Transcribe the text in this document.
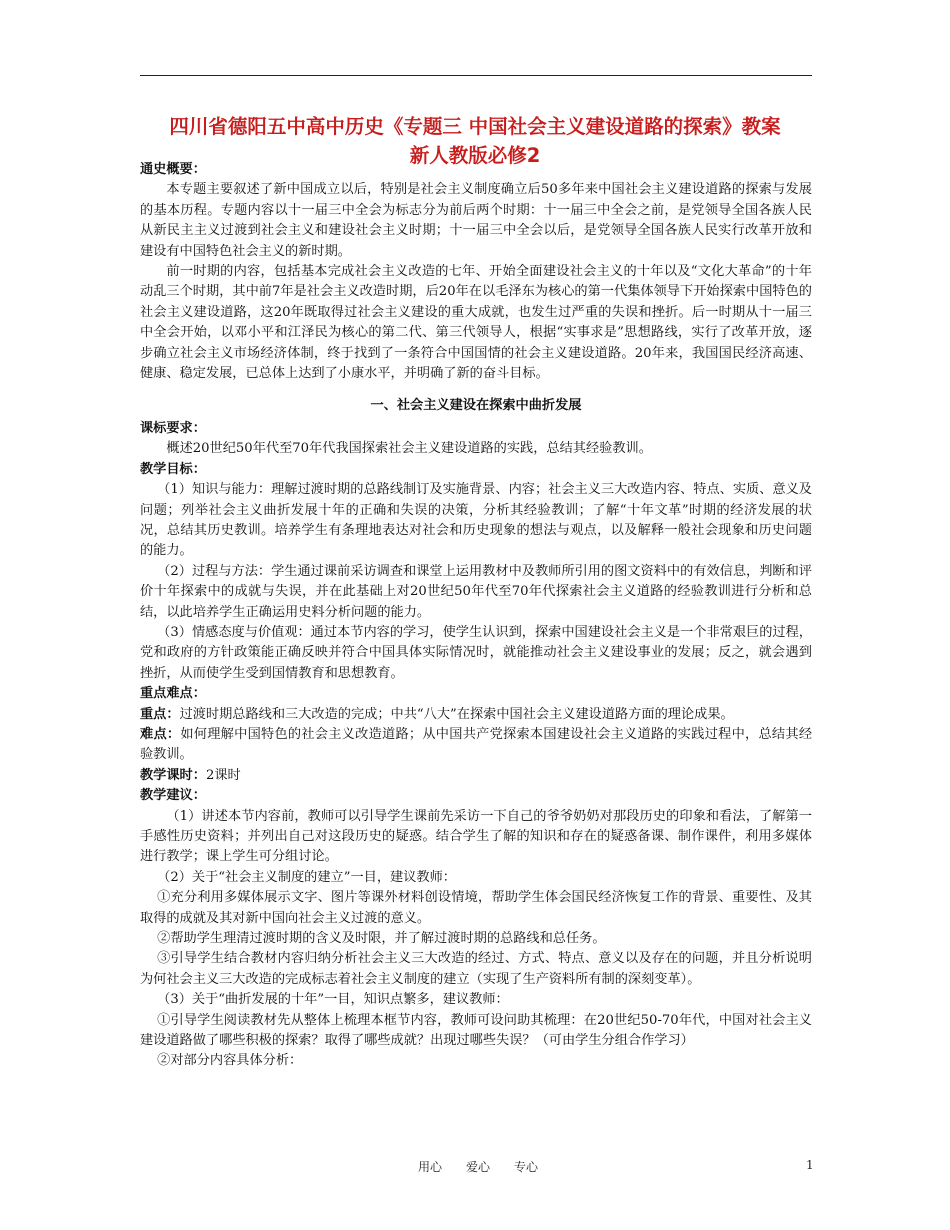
四川省德阳五中高中历史《专题三 中国社会主义建设道路的探索》教案
新人教版必修2

通史概要：

本专题主要叙述了新中国成立以后，特别是社会主义制度确立后50多年来中国社会主义建设道路的探索与发展的基本历程。专题内容以十一届三中全会为标志分为前后两个时期：十一届三中全会之前，是党领导全国各族人民从新民主主义过渡到社会主义和建设社会主义时期；十一届三中全会以后，是党领导全国各族人民实行改革开放和建设有中国特色社会主义的新时期。

前一时期的内容，包括基本完成社会主义改造的七年、开始全面建设社会主义的十年以及“文化大革命”的十年动乱三个时期，其中前7年是社会主义改造时期，后20年在以毛泽东为核心的第一代集体领导下开始探索中国特色的社会主义建设道路，这20年既取得过社会主义建设的重大成就，也发生过严重的失误和挫折。后一时期从十一届三中全会开始，以邓小平和江泽民为核心的第二代、第三代领导人，根据“实事求是”思想路线，实行了改革开放，逐步确立社会主义市场经济体制，终于找到了一条符合中国国情的社会主义建设道路。20年来，我国国民经济高速、健康、稳定发展，已总体上达到了小康水平，并明确了新的奋斗目标。

一、社会主义建设在探索中曲折发展

课标要求：

概述20世纪50年代至70年代我国探索社会主义建设道路的实践，总结其经验教训。

教学目标：

（1）知识与能力：理解过渡时期的总路线制订及实施背景、内容；社会主义三大改造内容、特点、实质、意义及问题；列举社会主义曲折发展十年的正确和失误的决策，分析其经验教训；了解“十年文革”时期的经济发展的状况，总结其历史教训。培养学生有条理地表达对社会和历史现象的想法与观点，以及解释一般社会现象和历史问题的能力。

（2）过程与方法：学生通过课前采访调查和课堂上运用教材中及教师所引用的图文资料中的有效信息，判断和评价十年探索中的成就与失误，并在此基础上对20世纪50年代至70年代探索社会主义道路的经验教训进行分析和总结，以此培养学生正确运用史料分析问题的能力。

（3）情感态度与价值观：通过本节内容的学习，使学生认识到，探索中国建设社会主义是一个非常艰巨的过程，党和政府的方针政策能正确反映并符合中国具体实际情况时，就能推动社会主义建设事业的发展；反之，就会遇到挫折，从而使学生受到国情教育和思想教育。

重点难点：

重点：过渡时期总路线和三大改造的完成；中共“八大”在探索中国社会主义建设道路方面的理论成果。

难点：如何理解中国特色的社会主义改造道路；从中国共产党探索本国建设社会主义道路的实践过程中，总结其经验教训。

教学课时：2课时

教学建议：

（1）讲述本节内容前，教师可以引导学生课前先采访一下自己的爷爷奶奶对那段历史的印象和看法，了解第一手感性历史资料；并列出自己对这段历史的疑惑。结合学生了解的知识和存在的疑惑备课、制作课件，利用多媒体进行教学；课上学生可分组讨论。

（2）关于“社会主义制度的建立”一目，建议教师：

①充分利用多媒体展示文字、图片等课外材料创设情境，帮助学生体会国民经济恢复工作的背景、重要性、及其取得的成就及其对新中国向社会主义过渡的意义。

②帮助学生理清过渡时期的含义及时限，并了解过渡时期的总路线和总任务。

③引导学生结合教材内容归纳分析社会主义三大改造的经过、方式、特点、意义以及存在的问题，并且分析说明为何社会主义三大改造的完成标志着社会主义制度的建立（实现了生产资料所有制的深刻变革）。

（3）关于“曲折发展的十年”一目，知识点繁多，建议教师：

①引导学生阅读教材先从整体上梳理本框节内容，教师可设问助其梳理：在20世纪50-70年代，中国对社会主义建设道路做了哪些积极的探索？取得了哪些成就？出现过哪些失误？（可由学生分组合作学习）

②对部分内容具体分析：

用心　　爱心　　专心	1
